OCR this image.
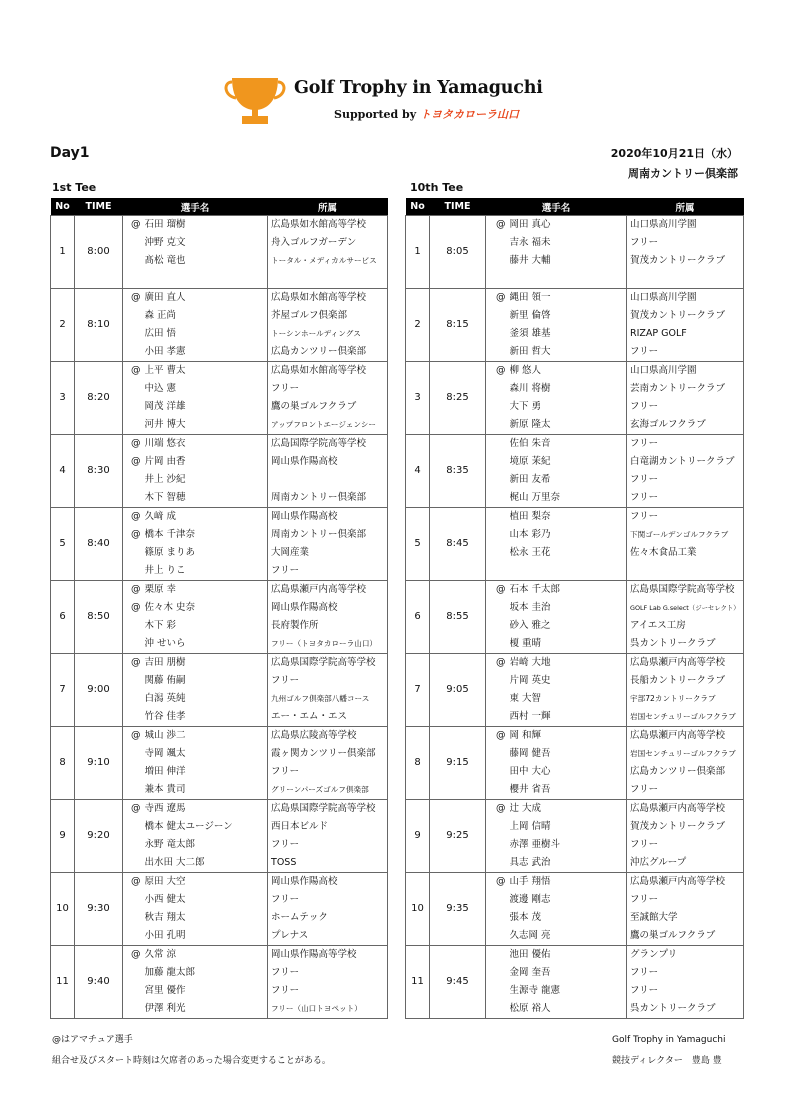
Golf Trophy in Yamaguchi
Supported by トヨタカローラ山口
Day1	2020年10月21日（水）
周南カントリー倶楽部
1st Tee	10th Tee
No	TIME	選手名		所属
1	8:00	@	石田 瑠樹	広島県如水館高等学校
			沖野 克文	舟入ゴルフガーデン
			髙松 竜也	トータル・メディカルサービス

2	8:10	@	廣田 直人	広島県如水館高等学校
			森 正尚	芥屋ゴルフ倶楽部
			広田 悟	トーシンホールディングス
			小田 孝憲	広島カンツリー倶楽部
3	8:20	@	上平 曹太	広島県如水館高等学校
			中込 憲	フリー
			岡茂 洋雄	鷹の巣ゴルフクラブ
			河井 博大	アップフロントエージェンシー
4	8:30	@	川端 悠衣	広島国際学院高等学校
		@	片岡 由香	岡山県作陽高校
			井上 沙紀	
			木下 智穂	周南カントリー倶楽部
5	8:40	@	久﨑 成	岡山県作陽高校
		@	橋本 千津奈	周南カントリー倶楽部
			篠原 まりあ	大岡産業
			井上 りこ	フリー
6	8:50	@	栗原 幸	広島県瀬戸内高等学校
		@	佐々木 史奈	岡山県作陽高校
			木下 彩	長府製作所
			沖 せいら	フリー（トヨタカローラ山口）
7	9:00	@	吉田 朋樹	広島県国際学院高等学校
			関藤 侑嗣	フリー
			白潟 英純	九州ゴルフ倶楽部八幡コース
			竹谷 佳孝	エー・エム・エス
8	9:10	@	城山 渉二	広島県広陵高等学校
			寺岡 颯太	霞ヶ関カンツリー倶楽部
			増田 伸洋	フリー
			兼本 貴司	グリーンパーズゴルフ倶楽部
9	9:20	@	寺西 遼馬	広島県国際学院高等学校
			橋本 健太ユージーン	西日本ビルド
			永野 竜太郎	フリー
			出水田 大二郎	TOSS
10	9:30	@	原田 大空	岡山県作陽高校
			小西 健太	フリー
			秋吉 翔太	ホームテック
			小田 孔明	プレナス
11	9:40	@	久常 涼	岡山県作陽高等学校
			加藤 龍太郎	フリー
			宮里 優作	フリー
			伊澤 利光	フリー（山口トヨペット）
No	TIME	選手名		所属
1	8:05	@	岡田 真心	山口県高川学園
			吉永 福未	フリー
			藤井 大輔	賀茂カントリークラブ

2	8:15	@	縄田 領一	山口県高川学園
			新里 倫啓	賀茂カントリークラブ
			釜須 雄基	RIZAP GOLF
			新田 哲大	フリー
3	8:25	@	柳 悠人	山口県高川学園
			森川 将樹	芸南カントリークラブ
			大下 勇	フリー
			新原 隆太	玄海ゴルフクラブ
4	8:35		佐伯 朱音	フリー
			境原 茉紀	白竜湖カントリークラブ
			新田 友希	フリー
			梶山 万里奈	フリー
5	8:45		植田 梨奈	フリー
			山本 彩乃	下関ゴールデンゴルフクラブ
			松永 王花	佐々木食品工業

6	8:55	@	石本 千太郎	広島県国際学院高等学校
			坂本 圭治	GOLF Lab G.select（ジーセレクト）
			砂入 雅之	アイエス工房
			榎 重晴	呉カントリークラブ
7	9:05	@	岩崎 大地	広島県瀬戸内高等学校
			片岡 英史	長船カントリークラブ
			東 大智	宇部72カントリークラブ
			西村 一輝	岩国センチュリーゴルフクラブ
8	9:15	@	岡 和輝	広島県瀬戸内高等学校
			藤岡 健吾	岩国センチュリーゴルフクラブ
			田中 大心	広島カンツリー倶楽部
			櫻井 省吾	フリー
9	9:25	@	辻 大成	広島県瀬戸内高等学校
			上岡 信晴	賀茂カントリークラブ
			赤澤 亜樹斗	フリー
			具志 武治	沖広グループ
10	9:35	@	山手 翔悟	広島県瀬戸内高等学校
			渡邊 剛志	フリー
			張本 茂	至誠館大学
			久志岡 亮	鷹の巣ゴルフクラブ
11	9:45		池田 優佑	グランプリ
			金岡 奎吾	フリー
			生源寺 龍憲	フリー
			松原 裕人	呉カントリークラブ
@はアマチュア選手
組合せ及びスタート時刻は欠席者のあった場合変更することがある。
Golf Trophy in Yamaguchi
競技ディレクター　豊島 豊
